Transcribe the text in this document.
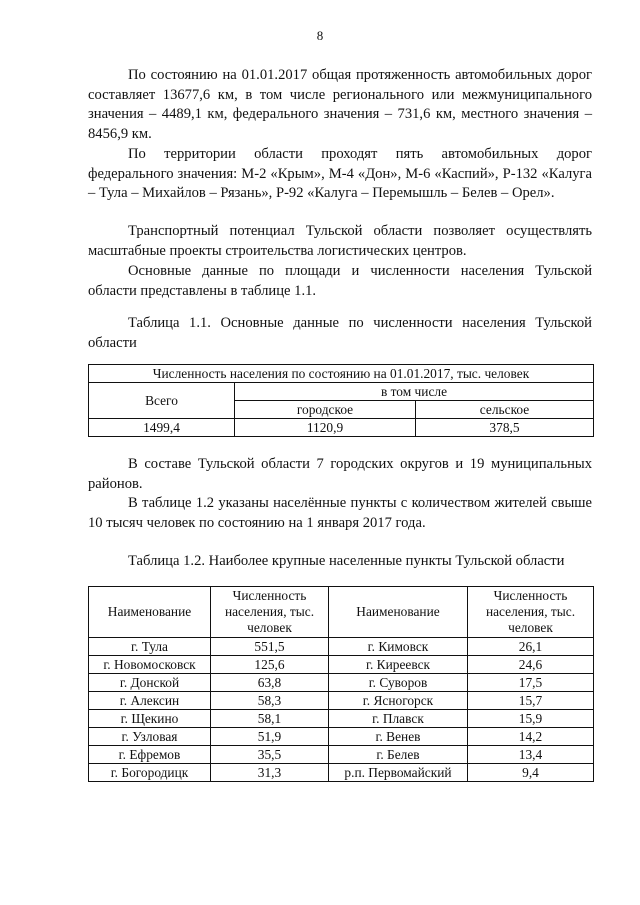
8

По состоянию на 01.01.2017 общая протяженность автомобильных дорог составляет 13677,6 км, в том числе регионального или межмуниципального значения – 4489,1 км, федерального значения – 731,6 км, местного значения – 8456,9 км.

По территории области проходят пять автомобильных дорог федерального значения: М-2 «Крым», М-4 «Дон», М-6 «Каспий», Р-132 «Калуга – Тула – Михайлов – Рязань», Р-92 «Калуга – Перемышль – Белев – Орел».

Транспортный потенциал Тульской области позволяет осуществлять масштабные проекты строительства логистических центров.

Основные данные по площади и численности населения Тульской области представлены в таблице 1.1.

Таблица 1.1. Основные данные по численности населения Тульской области

Численность населения по состоянию на 01.01.2017, тыс. человек		
Всего	в том числе	
	городское	сельское
1499,4	1120,9	378,5

В составе Тульской области 7 городских округов и 19 муниципальных районов.

В таблице 1.2 указаны населённые пункты с количеством жителей свыше 10 тысяч человек по состоянию на 1 января 2017 года.

Таблица 1.2. Наиболее крупные населенные пункты Тульской области

Наименование	Численность населения, тыс. человек	Наименование	Численность населения, тыс. человек
г. Тула	551,5	г. Кимовск	26,1
г. Новомосковск	125,6	г. Киреевск	24,6
г. Донской	63,8	г. Суворов	17,5
г. Алексин	58,3	г. Ясногорск	15,7
г. Щекино	58,1	г. Плавск	15,9
г. Узловая	51,9	г. Венев	14,2
г. Ефремов	35,5	г. Белев	13,4
г. Богородицк	31,3	р.п. Первомайский	9,4
